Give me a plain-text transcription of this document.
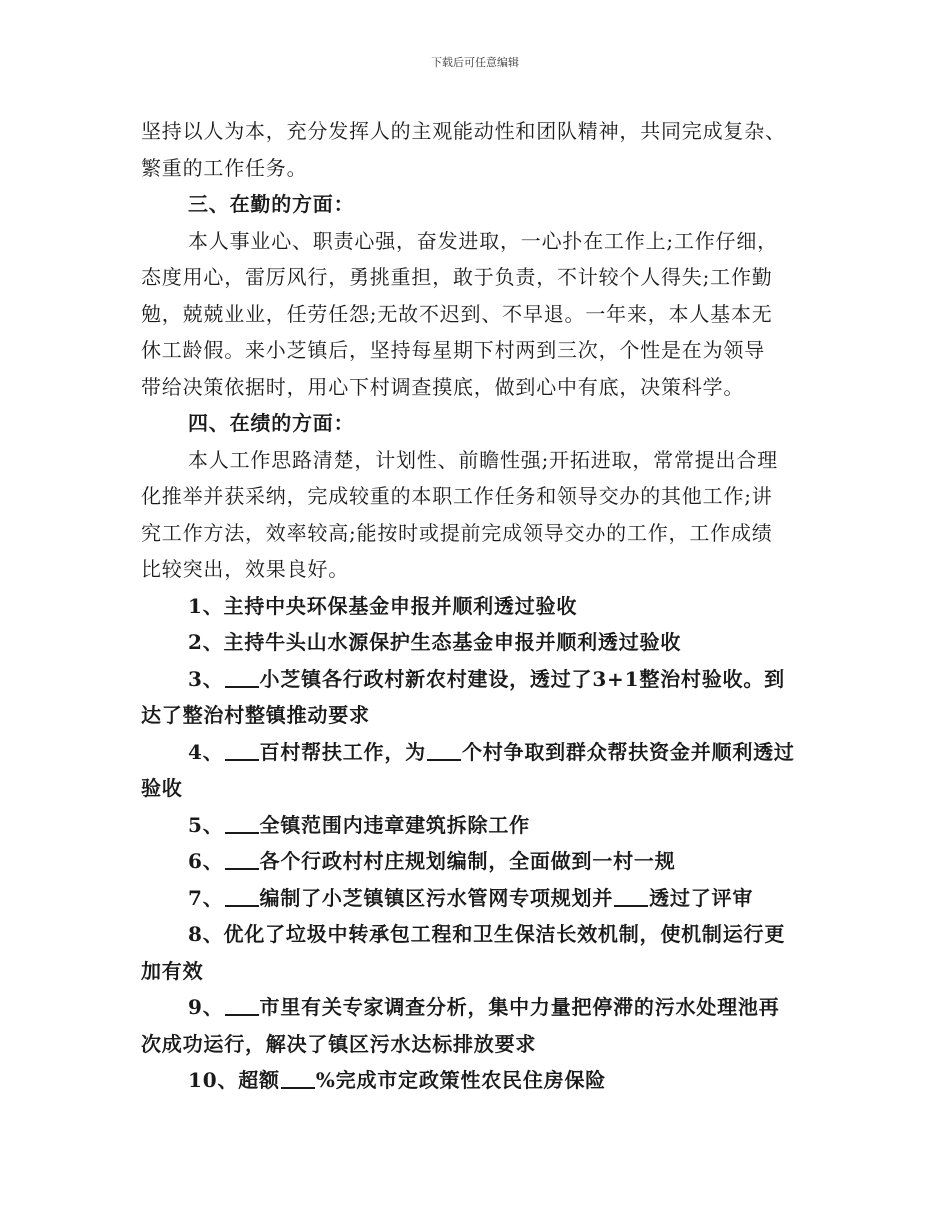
下载后可任意编辑
坚持以人为本，充分发挥人的主观能动性和团队精神，共同完成复杂、
繁重的工作任务。
三、在勤的方面：
本人事业心、职责心强，奋发进取，一心扑在工作上;工作仔细，
态度用心，雷厉风行，勇挑重担，敢于负责，不计较个人得失;工作勤
勉，兢兢业业，任劳任怨;无故不迟到、不早退。一年来，本人基本无
休工龄假。来小芝镇后，坚持每星期下村两到三次，个性是在为领导
带给决策依据时，用心下村调查摸底，做到心中有底，决策科学。
四、在绩的方面：
本人工作思路清楚，计划性、前瞻性强;开拓进取，常常提出合理
化推举并获采纳，完成较重的本职工作任务和领导交办的其他工作;讲
究工作方法，效率较高;能按时或提前完成领导交办的工作，工作成绩
比较突出，效果良好。
1、主持中央环保基金申报并顺利透过验收
2、主持牛头山水源保护生态基金申报并顺利透过验收
3、 小芝镇各行政村新农村建设，透过了3+1整治村验收。到
达了整治村整镇推动要求
4、 百村帮扶工作，为 个村争取到群众帮扶资金并顺利透过
验收
5、 全镇范围内违章建筑拆除工作
6、 各个行政村村庄规划编制，全面做到一村一规
7、 编制了小芝镇镇区污水管网专项规划并 透过了评审
8、优化了垃圾中转承包工程和卫生保洁长效机制，使机制运行更
加有效
9、 市里有关专家调查分析，集中力量把停滞的污水处理池再
次成功运行，解决了镇区污水达标排放要求
10、超额 %完成市定政策性农民住房保险
